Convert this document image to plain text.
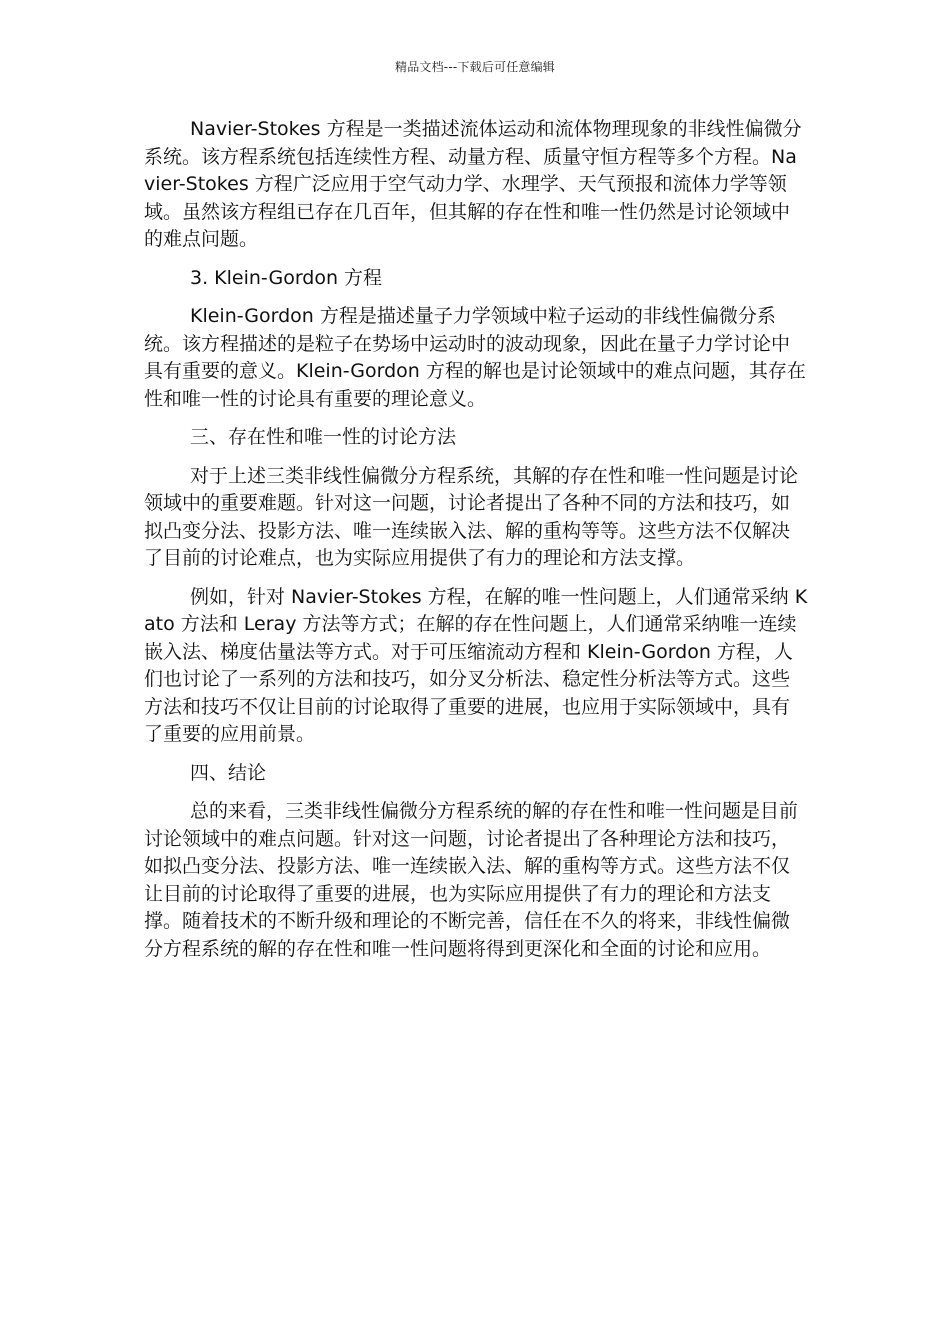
精品文档---下载后可任意编辑

Navier-Stokes 方程是一类描述流体运动和流体物理现象的非线性偏微分系统。该方程系统包括连续性方程、动量方程、质量守恒方程等多个方程。Navier-Stokes 方程广泛应用于空气动力学、水理学、天气预报和流体力学等领域。虽然该方程组已存在几百年，但其解的存在性和唯一性仍然是讨论领域中的难点问题。

3. Klein-Gordon 方程

Klein-Gordon 方程是描述量子力学领域中粒子运动的非线性偏微分系统。该方程描述的是粒子在势场中运动时的波动现象，因此在量子力学讨论中具有重要的意义。Klein-Gordon 方程的解也是讨论领域中的难点问题，其存在性和唯一性的讨论具有重要的理论意义。

三、存在性和唯一性的讨论方法

对于上述三类非线性偏微分方程系统，其解的存在性和唯一性问题是讨论领域中的重要难题。针对这一问题，讨论者提出了各种不同的方法和技巧，如拟凸变分法、投影方法、唯一连续嵌入法、解的重构等等。这些方法不仅解决了目前的讨论难点，也为实际应用提供了有力的理论和方法支撑。

例如，针对 Navier-Stokes 方程，在解的唯一性问题上，人们通常采纳 Kato 方法和 Leray 方法等方式；在解的存在性问题上，人们通常采纳唯一连续嵌入法、梯度估量法等方式。对于可压缩流动方程和 Klein-Gordon 方程，人们也讨论了一系列的方法和技巧，如分叉分析法、稳定性分析法等方式。这些方法和技巧不仅让目前的讨论取得了重要的进展，也应用于实际领域中，具有了重要的应用前景。

四、结论

总的来看，三类非线性偏微分方程系统的解的存在性和唯一性问题是目前讨论领域中的难点问题。针对这一问题，讨论者提出了各种理论方法和技巧，如拟凸变分法、投影方法、唯一连续嵌入法、解的重构等方式。这些方法不仅让目前的讨论取得了重要的进展，也为实际应用提供了有力的理论和方法支撑。随着技术的不断升级和理论的不断完善，信任在不久的将来，非线性偏微分方程系统的解的存在性和唯一性问题将得到更深化和全面的讨论和应用。
